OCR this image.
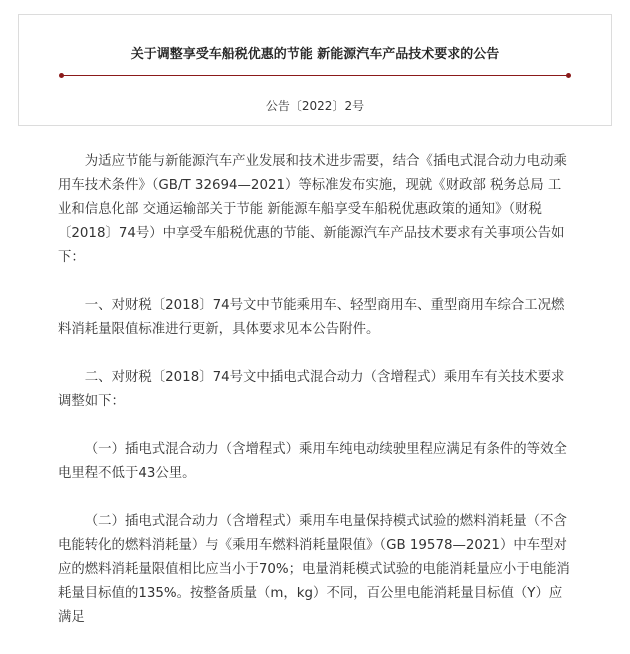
关于调整享受车船税优惠的节能 新能源汽车产品技术要求的公告
公告〔2022〕2号

为适应节能与新能源汽车产业发展和技术进步需要，结合《插电式混合动力电动乘用车技术条件》（GB/T 32694—2021）等标准发布实施，现就《财政部 税务总局 工业和信息化部 交通运输部关于节能 新能源车船享受车船税优惠政策的通知》（财税〔2018〕74号）中享受车船税优惠的节能、新能源汽车产品技术要求有关事项公告如下：

一、对财税〔2018〕74号文中节能乘用车、轻型商用车、重型商用车综合工况燃料消耗量限值标准进行更新，具体要求见本公告附件。

二、对财税〔2018〕74号文中插电式混合动力（含增程式）乘用车有关技术要求调整如下：

（一）插电式混合动力（含增程式）乘用车纯电动续驶里程应满足有条件的等效全电里程不低于43公里。

（二）插电式混合动力（含增程式）乘用车电量保持模式试验的燃料消耗量（不含电能转化的燃料消耗量）与《乘用车燃料消耗量限值》（GB 19578—2021）中车型对应的燃料消耗量限值相比应当小于70%；电量消耗模式试验的电能消耗量应小于电能消耗量目标值的135%。按整备质量（m，kg）不同，百公里电能消耗量目标值（Y）应满足
